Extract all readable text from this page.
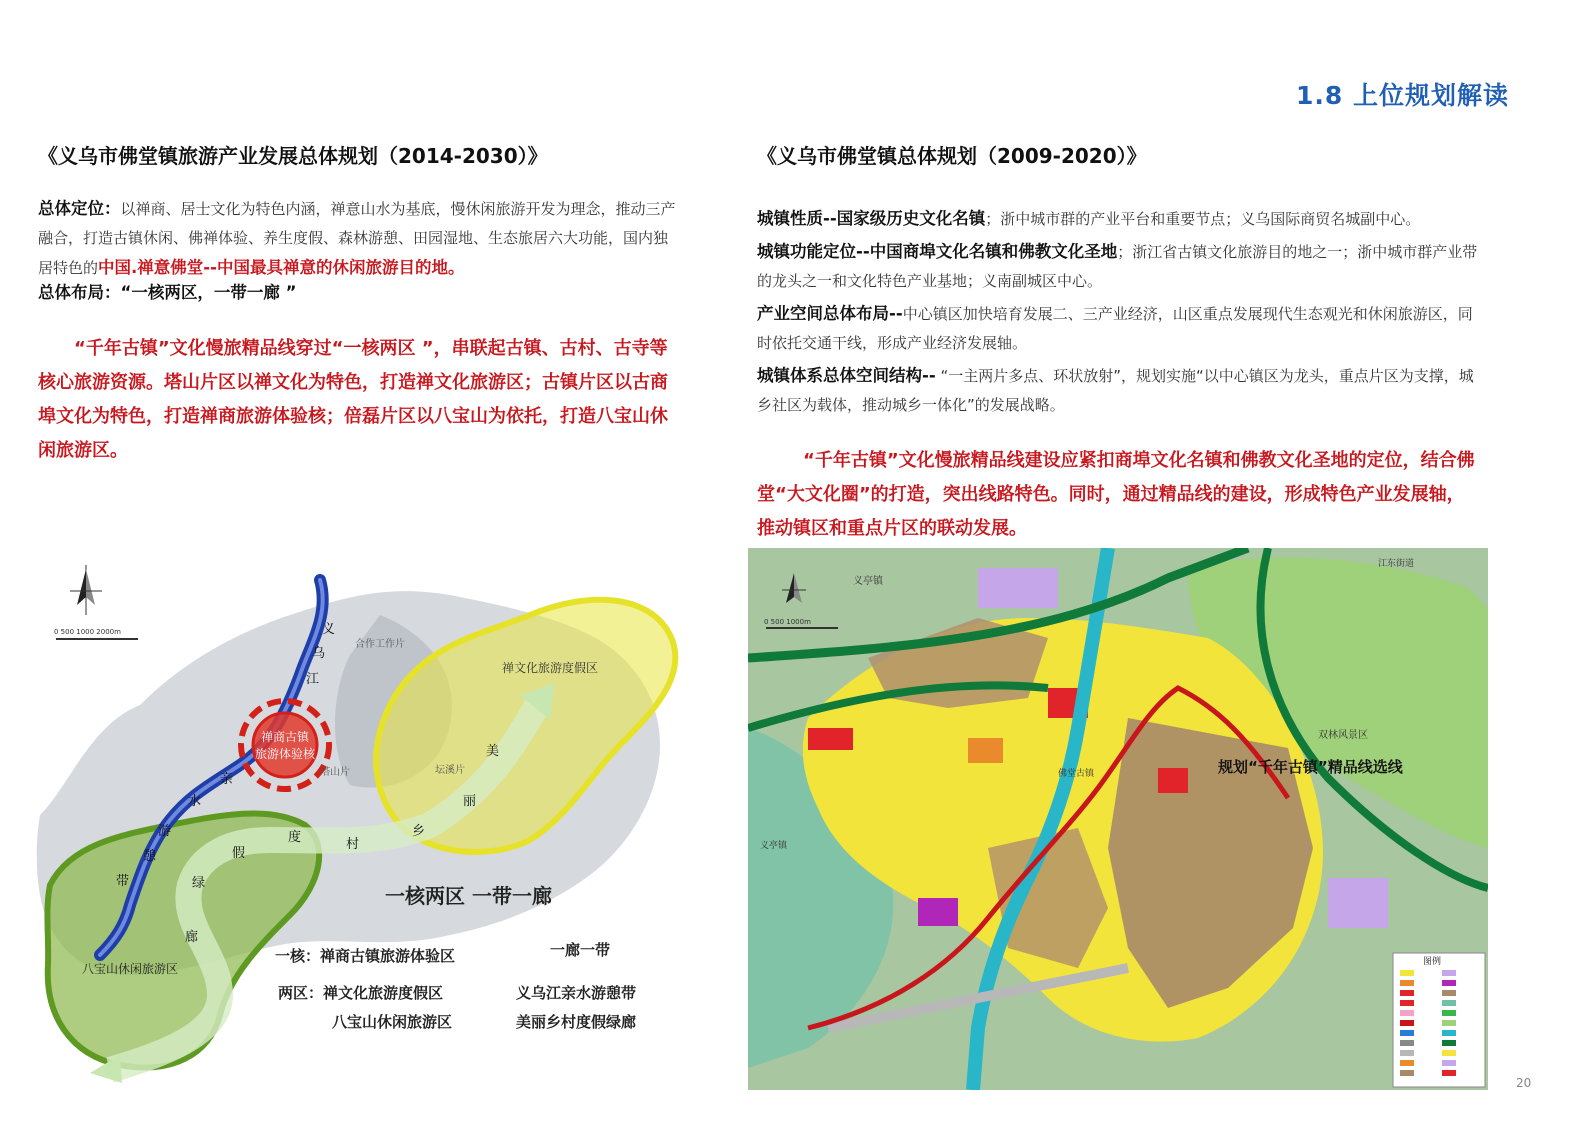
1.8 上位规划解读
《义乌市佛堂镇旅游产业发展总体规划（2014-2030）》
总体定位：以禅商、居士文化为特色内涵，禅意山水为基底，慢休闲旅游开发为理念，推动三产融合，打造古镇休闲、佛禅体验、养生度假、森林游憩、田园湿地、生态旅居六大功能，国内独居特色的中国.禅意佛堂--中国最具禅意的休闲旅游目的地。
总体布局：“一核两区，一带一廊 ”
“千年古镇”文化慢旅精品线穿过“一核两区 ”，串联起古镇、古村、古寺等核心旅游资源。塔山片区以禅文化为特色，打造禅文化旅游区；古镇片区以古商埠文化为特色，打造禅商旅游体验核；倍磊片区以八宝山为依托，打造八宝山休闲旅游区。
禅商古镇
旅游体验核
禅文化旅游度假区
八宝山休闲旅游区
义
乌
江
亲
水
游
憩
带
美
丽
乡
村
度
假
绿
廊
合作工作片
塔山片	坛溪片
0 500 1000 2000m
一核两区 一带一廊
一核：禅商古镇旅游体验区
两区：禅文化旅游度假区
八宝山休闲旅游区
一廊一带
义乌江亲水游憩带
美丽乡村度假绿廊
《义乌市佛堂镇总体规划（2009-2020）》
城镇性质--国家级历史文化名镇；浙中城市群的产业平台和重要节点；义乌国际商贸名城副中心。
城镇功能定位--中国商埠文化名镇和佛教文化圣地；浙江省古镇文化旅游目的地之一；浙中城市群产业带的龙头之一和文化特色产业基地；义南副城区中心。
产业空间总体布局--中心镇区加快培育发展二、三产业经济，山区重点发展现代生态观光和休闲旅游区，同时依托交通干线，形成产业经济发展轴。
城镇体系总体空间结构-- “一主两片多点、环状放射”，规划实施“以中心镇区为龙头，重点片区为支撑，城乡社区为载体，推动城乡一体化”的发展战略。
“千年古镇”文化慢旅精品线建设应紧扣商埠文化名镇和佛教文化圣地的定位，结合佛堂“大文化圈”的打造，突出线路特色。同时，通过精品线的建设，形成特色产业发展轴，推动镇区和重点片区的联动发展。
规划“千年古镇”精品线选线
义亭镇
双林风景区
江东街道
义亭镇
佛堂古镇
0 500 1000m
图例
20
